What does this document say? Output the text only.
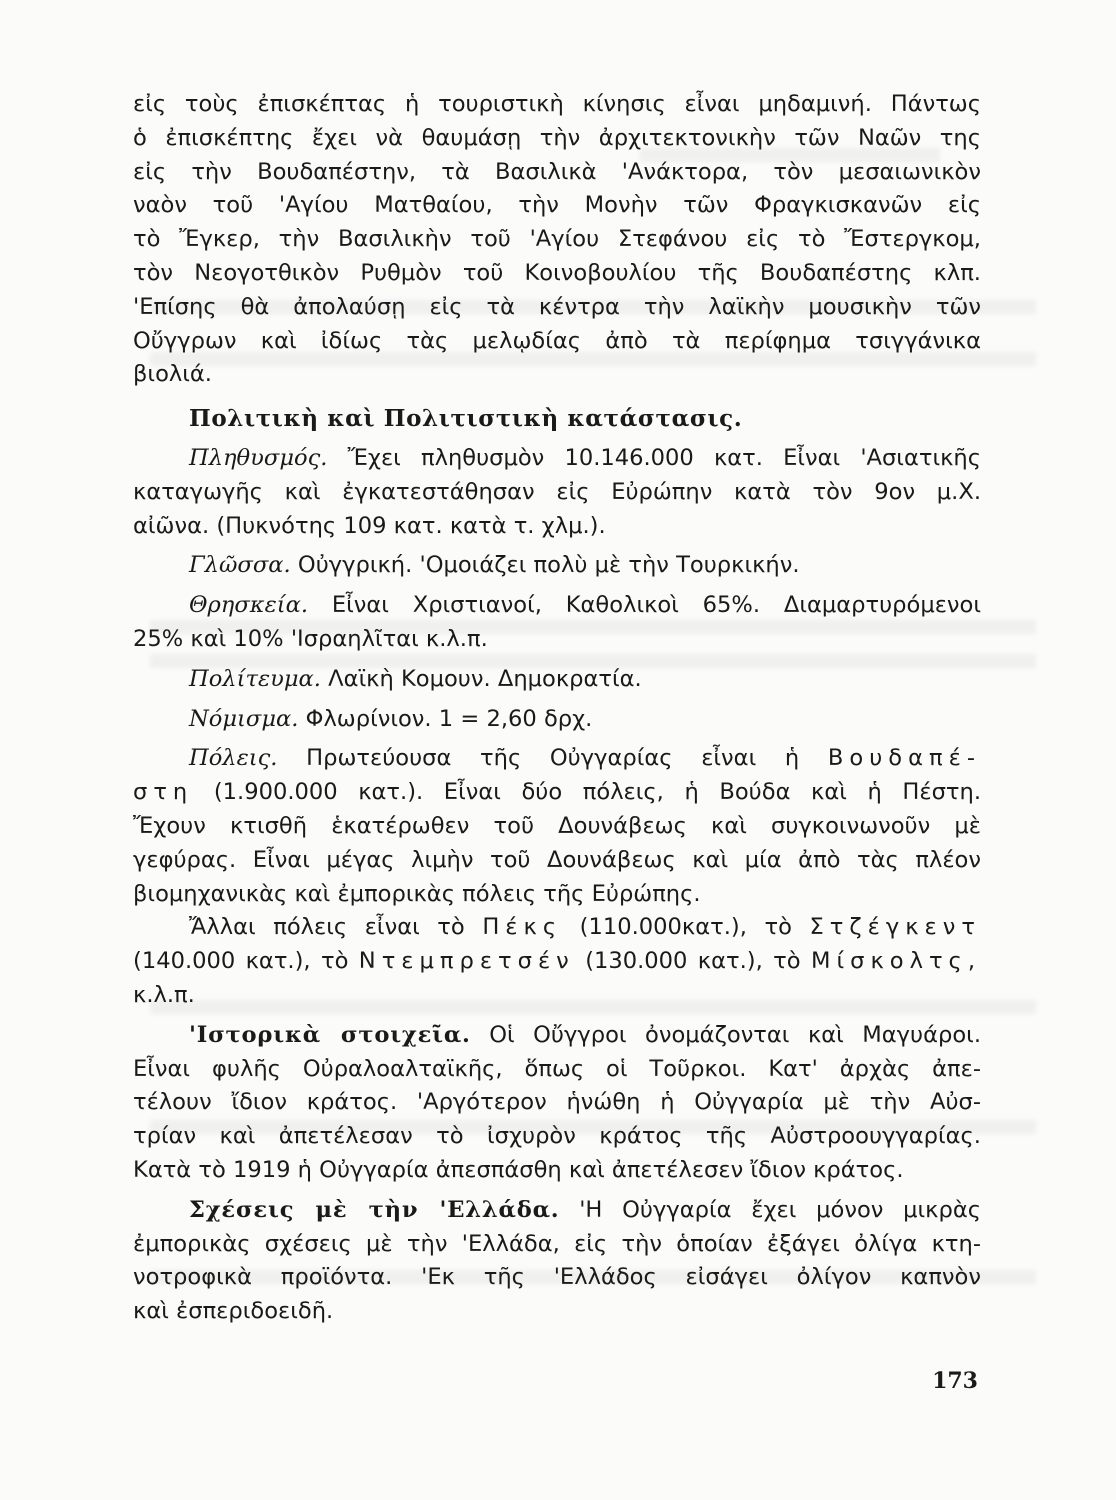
εἰς τοὺς ἐπισκέπτας ἡ τουριστικὴ κίνησις εἶναι μηδαμινή. Πάντως
ὁ ἐπισκέπτης ἔχει νὰ θαυμάσῃ τὴν ἀρχιτεκτονικὴν τῶν Ναῶν της
εἰς τὴν Βουδαπέστην, τὰ Βασιλικὰ 'Ανάκτορα, τὸν μεσαιωνικὸν
ναὸν τοῦ 'Αγίου Ματθαίου, τὴν Μονὴν τῶν Φραγκισκανῶν εἰς
τὸ Ἔγκερ, τὴν Βασιλικὴν τοῦ 'Αγίου Στεφάνου εἰς τὸ Ἔστεργκομ,
τὸν Νεογοτθικὸν Ρυθμὸν τοῦ Κοινοβουλίου τῆς Βουδαπέστης κλπ.
'Επίσης θὰ ἀπολαύσῃ εἰς τὰ κέντρα τὴν λαϊκὴν μουσικὴν τῶν
Οὔγγρων καὶ ἰδίως τὰς μελῳδίας ἀπὸ τὰ περίφημα τσιγγάνικα
βιολιά.
Πολιτικὴ καὶ Πολιτιστικὴ κατάστασις.
Πληθυσμός. Ἔχει πληθυσμὸν 10.146.000 κατ. Εἶναι 'Ασιατικῆς
καταγωγῆς καὶ ἐγκατεστάθησαν εἰς Εὐρώπην κατὰ τὸν 9ον μ.Χ.
αἰῶνα. (Πυκνότης 109 κατ. κατὰ τ. χλμ.).
Γλῶσσα. Οὐγγρική. 'Ομοιάζει πολὺ μὲ τὴν Τουρκικήν.
Θρησκεία. Εἶναι Χριστιανοί, Καθολικοὶ 65%. Διαμαρτυρόμενοι
25% καὶ 10% 'Ισραηλῖται κ.λ.π.
Πολίτευμα. Λαϊκὴ Κομουν. Δημοκρατία.
Νόμισμα. Φλωρίνιον. 1 = 2,60 δρχ.
Πόλεις. Πρωτεύουσα τῆς Οὐγγαρίας εἶναι ἡ Βουδαπέ-
στη (1.900.000 κατ.). Εἶναι δύο πόλεις, ἡ Βούδα καὶ ἡ Πέστη.
Ἔχουν κτισθῆ ἑκατέρωθεν τοῦ Δουνάβεως καὶ συγκοινωνοῦν μὲ
γεφύρας. Εἶναι μέγας λιμὴν τοῦ Δουνάβεως καὶ μία ἀπὸ τὰς πλέον
βιομηχανικὰς καὶ ἐμπορικὰς πόλεις τῆς Εὐρώπης.
Ἄλλαι πόλεις εἶναι τὸ Πέκς (110.000κατ.), τὸ Στζέγκεντ
(140.000 κατ.), τὸ Ντεμπρετσέν (130.000 κατ.), τὸ Μίσκολτς,
κ.λ.π.
'Ιστορικὰ στοιχεῖα. Οἱ Οὔγγροι ὀνομάζονται καὶ Μαγυάροι.
Εἶναι φυλῆς Οὐραλοαλταϊκῆς, ὅπως οἱ Τοῦρκοι. Κατ' ἀρχὰς ἀπε-
τέλουν ἴδιον κράτος. 'Αργότερον ἡνώθη ἡ Οὐγγαρία μὲ τὴν Αὐσ-
τρίαν καὶ ἀπετέλεσαν τὸ ἰσχυρὸν κράτος τῆς Αὐστροουγγαρίας.
Κατὰ τὸ 1919 ἡ Οὐγγαρία ἀπεσπάσθη καὶ ἀπετέλεσεν ἴδιον κράτος.
Σχέσεις μὲ τὴν 'Ελλάδα. 'Η Οὐγγαρία ἔχει μόνον μικρὰς
ἐμπορικὰς σχέσεις μὲ τὴν 'Ελλάδα, εἰς τὴν ὁποίαν ἐξάγει ὀλίγα κτη-
νοτροφικὰ προϊόντα. 'Εκ τῆς 'Ελλάδος εἰσάγει ὀλίγον καπνὸν
καὶ ἐσπεριδοειδῆ.
173
